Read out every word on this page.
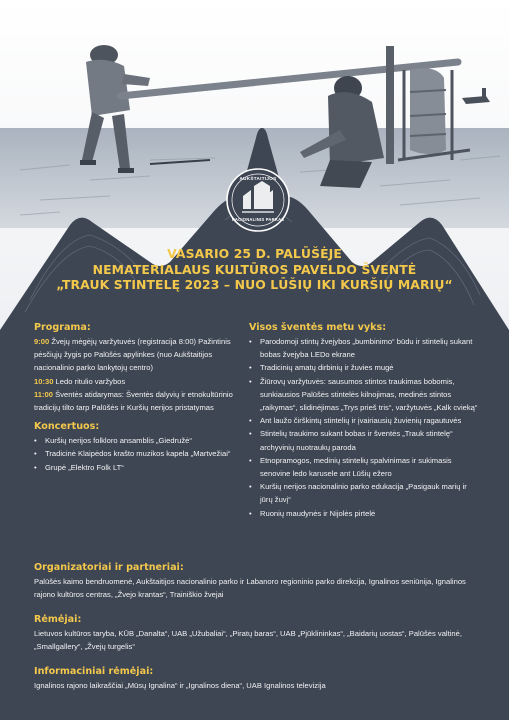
AUKŠTAITIJOS
NACIONALINIS PARKAS
VASARIO 25 D. PALŪŠĖJE
NEMATERIALAUS KULTŪROS PAVELDO ŠVENTĖ
„TRAUK STINTELĘ 2023 – NUO LŪŠIŲ IKI KURŠIŲ MARIŲ“
Programa:
9:00 Žvejų mėgėjų varžytuvės (registracija 8:00) Pažintinis pėsčiųjų žygis po Palūšės apylinkes (nuo Aukštaitijos nacionalinio parko lankytojų centro)
10:30 Ledo ritulio varžybos
11:00 Šventės atidarymas: Šventės dalyvių ir etnokultūrinio tradicijų tilto tarp Palūšės ir Kuršių nerijos pristatymas
Koncertuos:
• Kuršių nerijos folkloro ansamblis „Giedružė“
• Tradicinė Klaipėdos krašto muzikos kapela „Martvežiai“
• Grupė „Elektro Folk LT“
Visos šventės metu vyks:
• Parodomoji stintų žvejybos „bumbinimo“ būdu ir stintelių sukant bobas žvejyba LEDo ekrane
• Tradicinių amatų dirbinių ir žuvies mugė
• Žiūrovų varžytuvės: sausumos stintos traukimas bobomis, sunkiausios Palūšės stintelės kilnojimas, medinės stintos „raikymas“, slidinėjimas „Trys prieš tris“, varžytuvės „Kalk cvieką“
• Ant laužo čirškintų stintelių ir įvairiausių žuvienių ragautuvės
• Stintelių traukimo sukant bobas ir šventės „Trauk stintelę“ archyvinių nuotraukų paroda
• Etnopramogos, medinių stintelių spalvinimas ir sukimasis senovine ledo karusele ant Lūšių ežero
• Kuršių nerijos nacionalinio parko edukacija „Pasigauk marių ir jūrų žuvį“
• Ruonių maudynės ir Nijolės pirtelė
Organizatoriai ir partneriai:
Palūšės kaimo bendruomenė, Aukštaitijos nacionalinio parko ir Labanoro regioninio parko direkcija, Ignalinos seniūnija, Ignalinos rajono kultūros centras, „Žvejo krantas“, Trainiškio žvejai
Rėmėjai:
Lietuvos kultūros taryba, KŪB „Danalta“, UAB „Užubaliai“, „Piratų baras“, UAB „Pjūklininkas“, „Baidarių uostas“, Palūšės valtinė, „Smallgallery“, „Žvejų turgelis“
Informaciniai rėmėjai:
Ignalinos rajono laikraščiai „Mūsų Ignalina“ ir „Ignalinos diena“, UAB Ignalinos televizija
